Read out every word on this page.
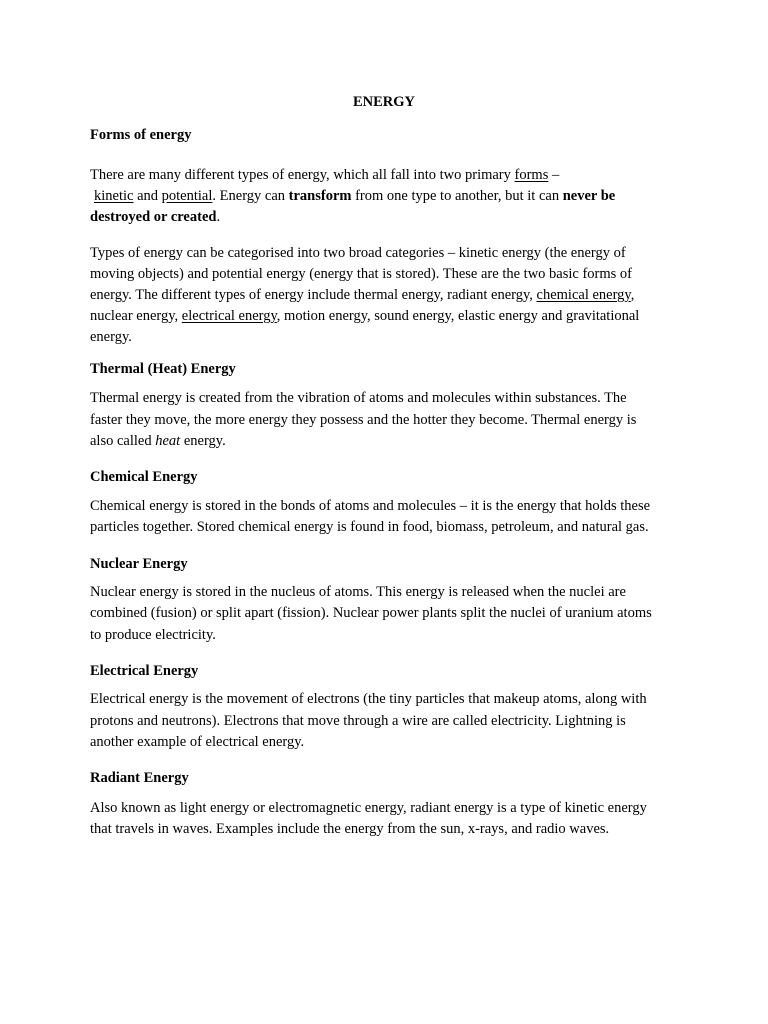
ENERGY
Forms of energy
There are many different types of energy, which all fall into two primary forms –
kinetic and potential. Energy can transform from one type to another, but it can never be
destroyed or created.
Types of energy can be categorised into two broad categories – kinetic energy (the energy of
moving objects) and potential energy (energy that is stored). These are the two basic forms of
energy. The different types of energy include thermal energy, radiant energy, chemical energy,
nuclear energy, electrical energy, motion energy, sound energy, elastic energy and gravitational
energy.
Thermal (Heat) Energy
Thermal energy is created from the vibration of atoms and molecules within substances. The
faster they move, the more energy they possess and the hotter they become. Thermal energy is
also called heat energy.
Chemical Energy
Chemical energy is stored in the bonds of atoms and molecules – it is the energy that holds these
particles together. Stored chemical energy is found in food, biomass, petroleum, and natural gas.
Nuclear Energy
Nuclear energy is stored in the nucleus of atoms. This energy is released when the nuclei are
combined (fusion) or split apart (fission). Nuclear power plants split the nuclei of uranium atoms
to produce electricity.
Electrical Energy
Electrical energy is the movement of electrons (the tiny particles that makeup atoms, along with
protons and neutrons). Electrons that move through a wire are called electricity. Lightning is
another example of electrical energy.
Radiant Energy
Also known as light energy or electromagnetic energy, radiant energy is a type of kinetic energy
that travels in waves. Examples include the energy from the sun, x-rays, and radio waves.
